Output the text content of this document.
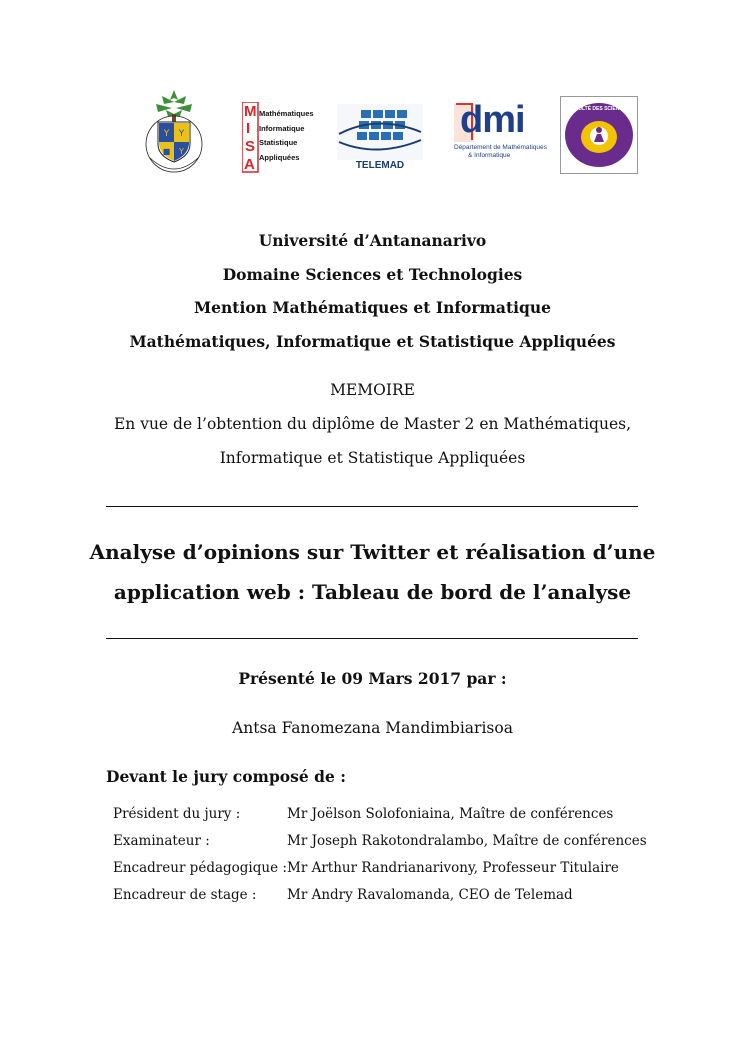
Y Y
■ Y
M
I
S
A
Mathématiques
Informatique
Statistique
Appliquées
TELEMAD
dmi
Département de Mathématiques
& Informatique
FACULTÉ DES SCIENCES
Université d’Antananarivo
Domaine Sciences et Technologies
Mention Mathématiques et Informatique
Mathématiques, Informatique et Statistique Appliquées
MEMOIRE
En vue de l’obtention du diplôme de Master 2 en Mathématiques,
Informatique et Statistique Appliquées
Analyse d’opinions sur Twitter et réalisation d’une
application web : Tableau de bord de l’analyse
Présenté le 09 Mars 2017 par :
Antsa Fanomezana Mandimbiarisoa
Devant le jury composé de :
Président du jury :	Mr Joëlson Solofoniaina, Maître de conférences
Examinateur :	Mr Joseph Rakotondralambo, Maître de conférences
Encadreur pédagogique : Mr Arthur Randrianarivony, Professeur Titulaire
Encadreur de stage : Mr Andry Ravalomanda, CEO de Telemad
